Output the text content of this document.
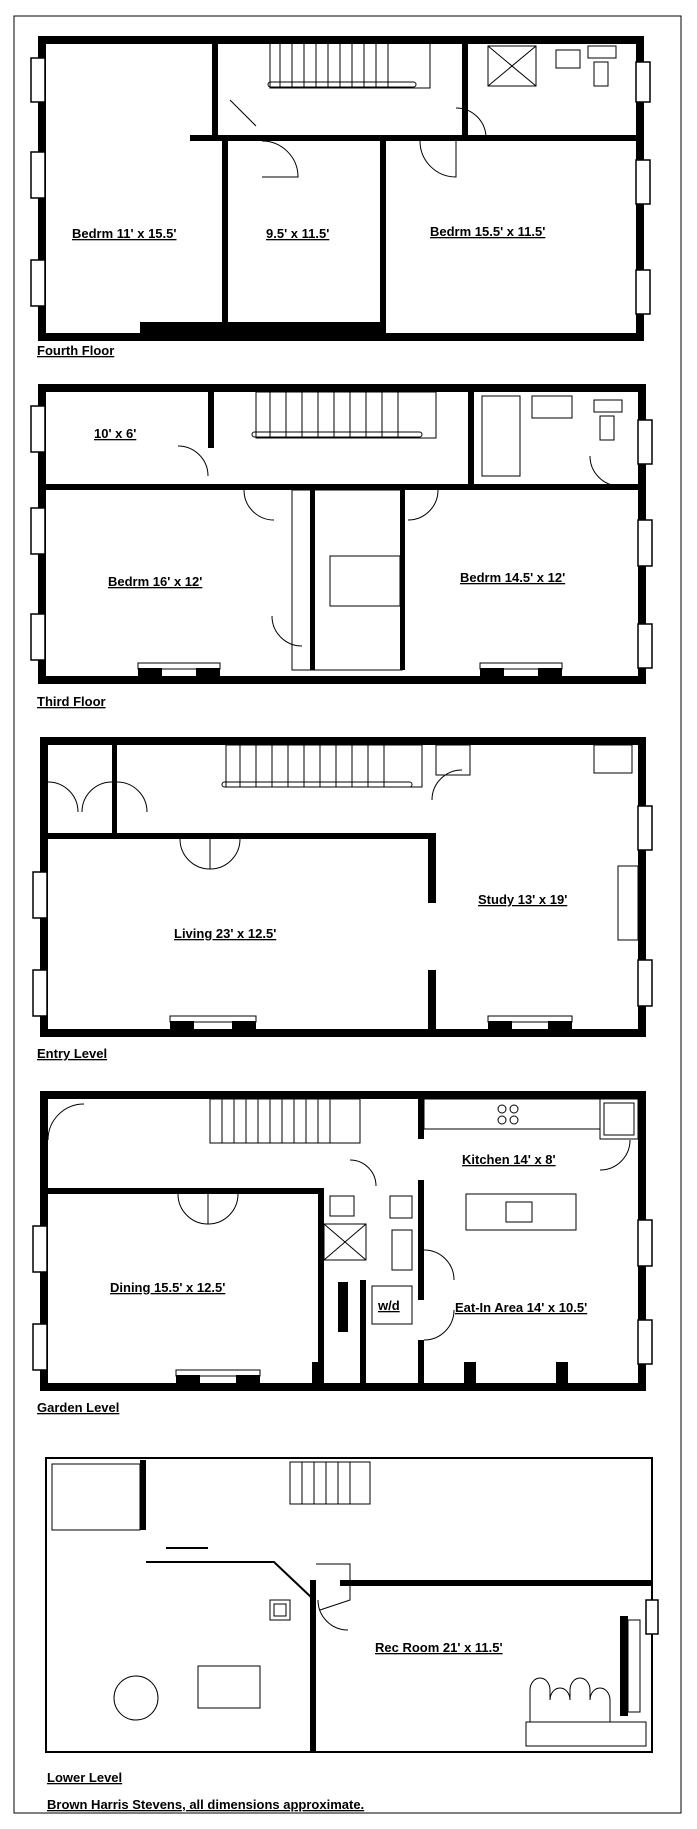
Bedrm 11' x 15.5'	9.5' x 11.5'	Bedrm 15.5' x 11.5'
Fourth Floor
10' x 6'
Bedrm 16' x 12'	Bedrm 14.5' x 12'
Third Floor
Living 23' x 12.5'
Study 13' x 19'
Entry Level
Kitchen 14' x 8'
Dining 15.5' x 12.5'
w/d	Eat-In Area 14' x 10.5'
Garden Level
Rec Room 21' x 11.5'
Lower Level
Brown Harris Stevens, all dimensions approximate.
